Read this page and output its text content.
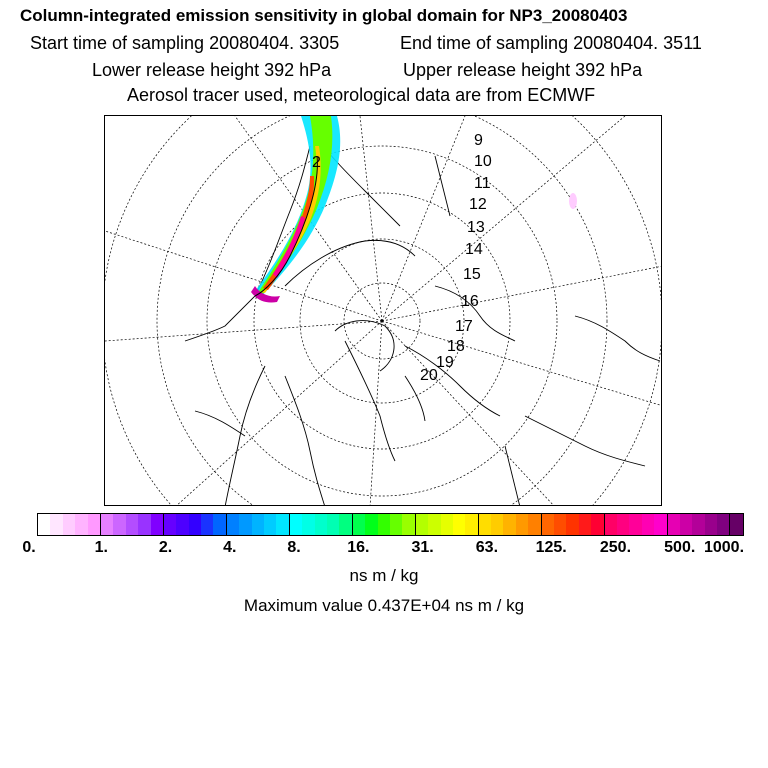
Column-integrated emission sensitivity in global domain for NP3_20080403
Start time of sampling 20080404. 3305	End time of sampling 20080404. 3511
Lower release height 392 hPa	Upper release height 392 hPa
Aerosol tracer used, meteorological data are from ECMWF
2
9
10
11
12
13
14
15
16
17
18
19
20
0.	1.	2.	4.	8.	16.	31.	63. 125. 250. 500. 1000.
ns m / kg
Maximum value 0.437E+04 ns m / kg
